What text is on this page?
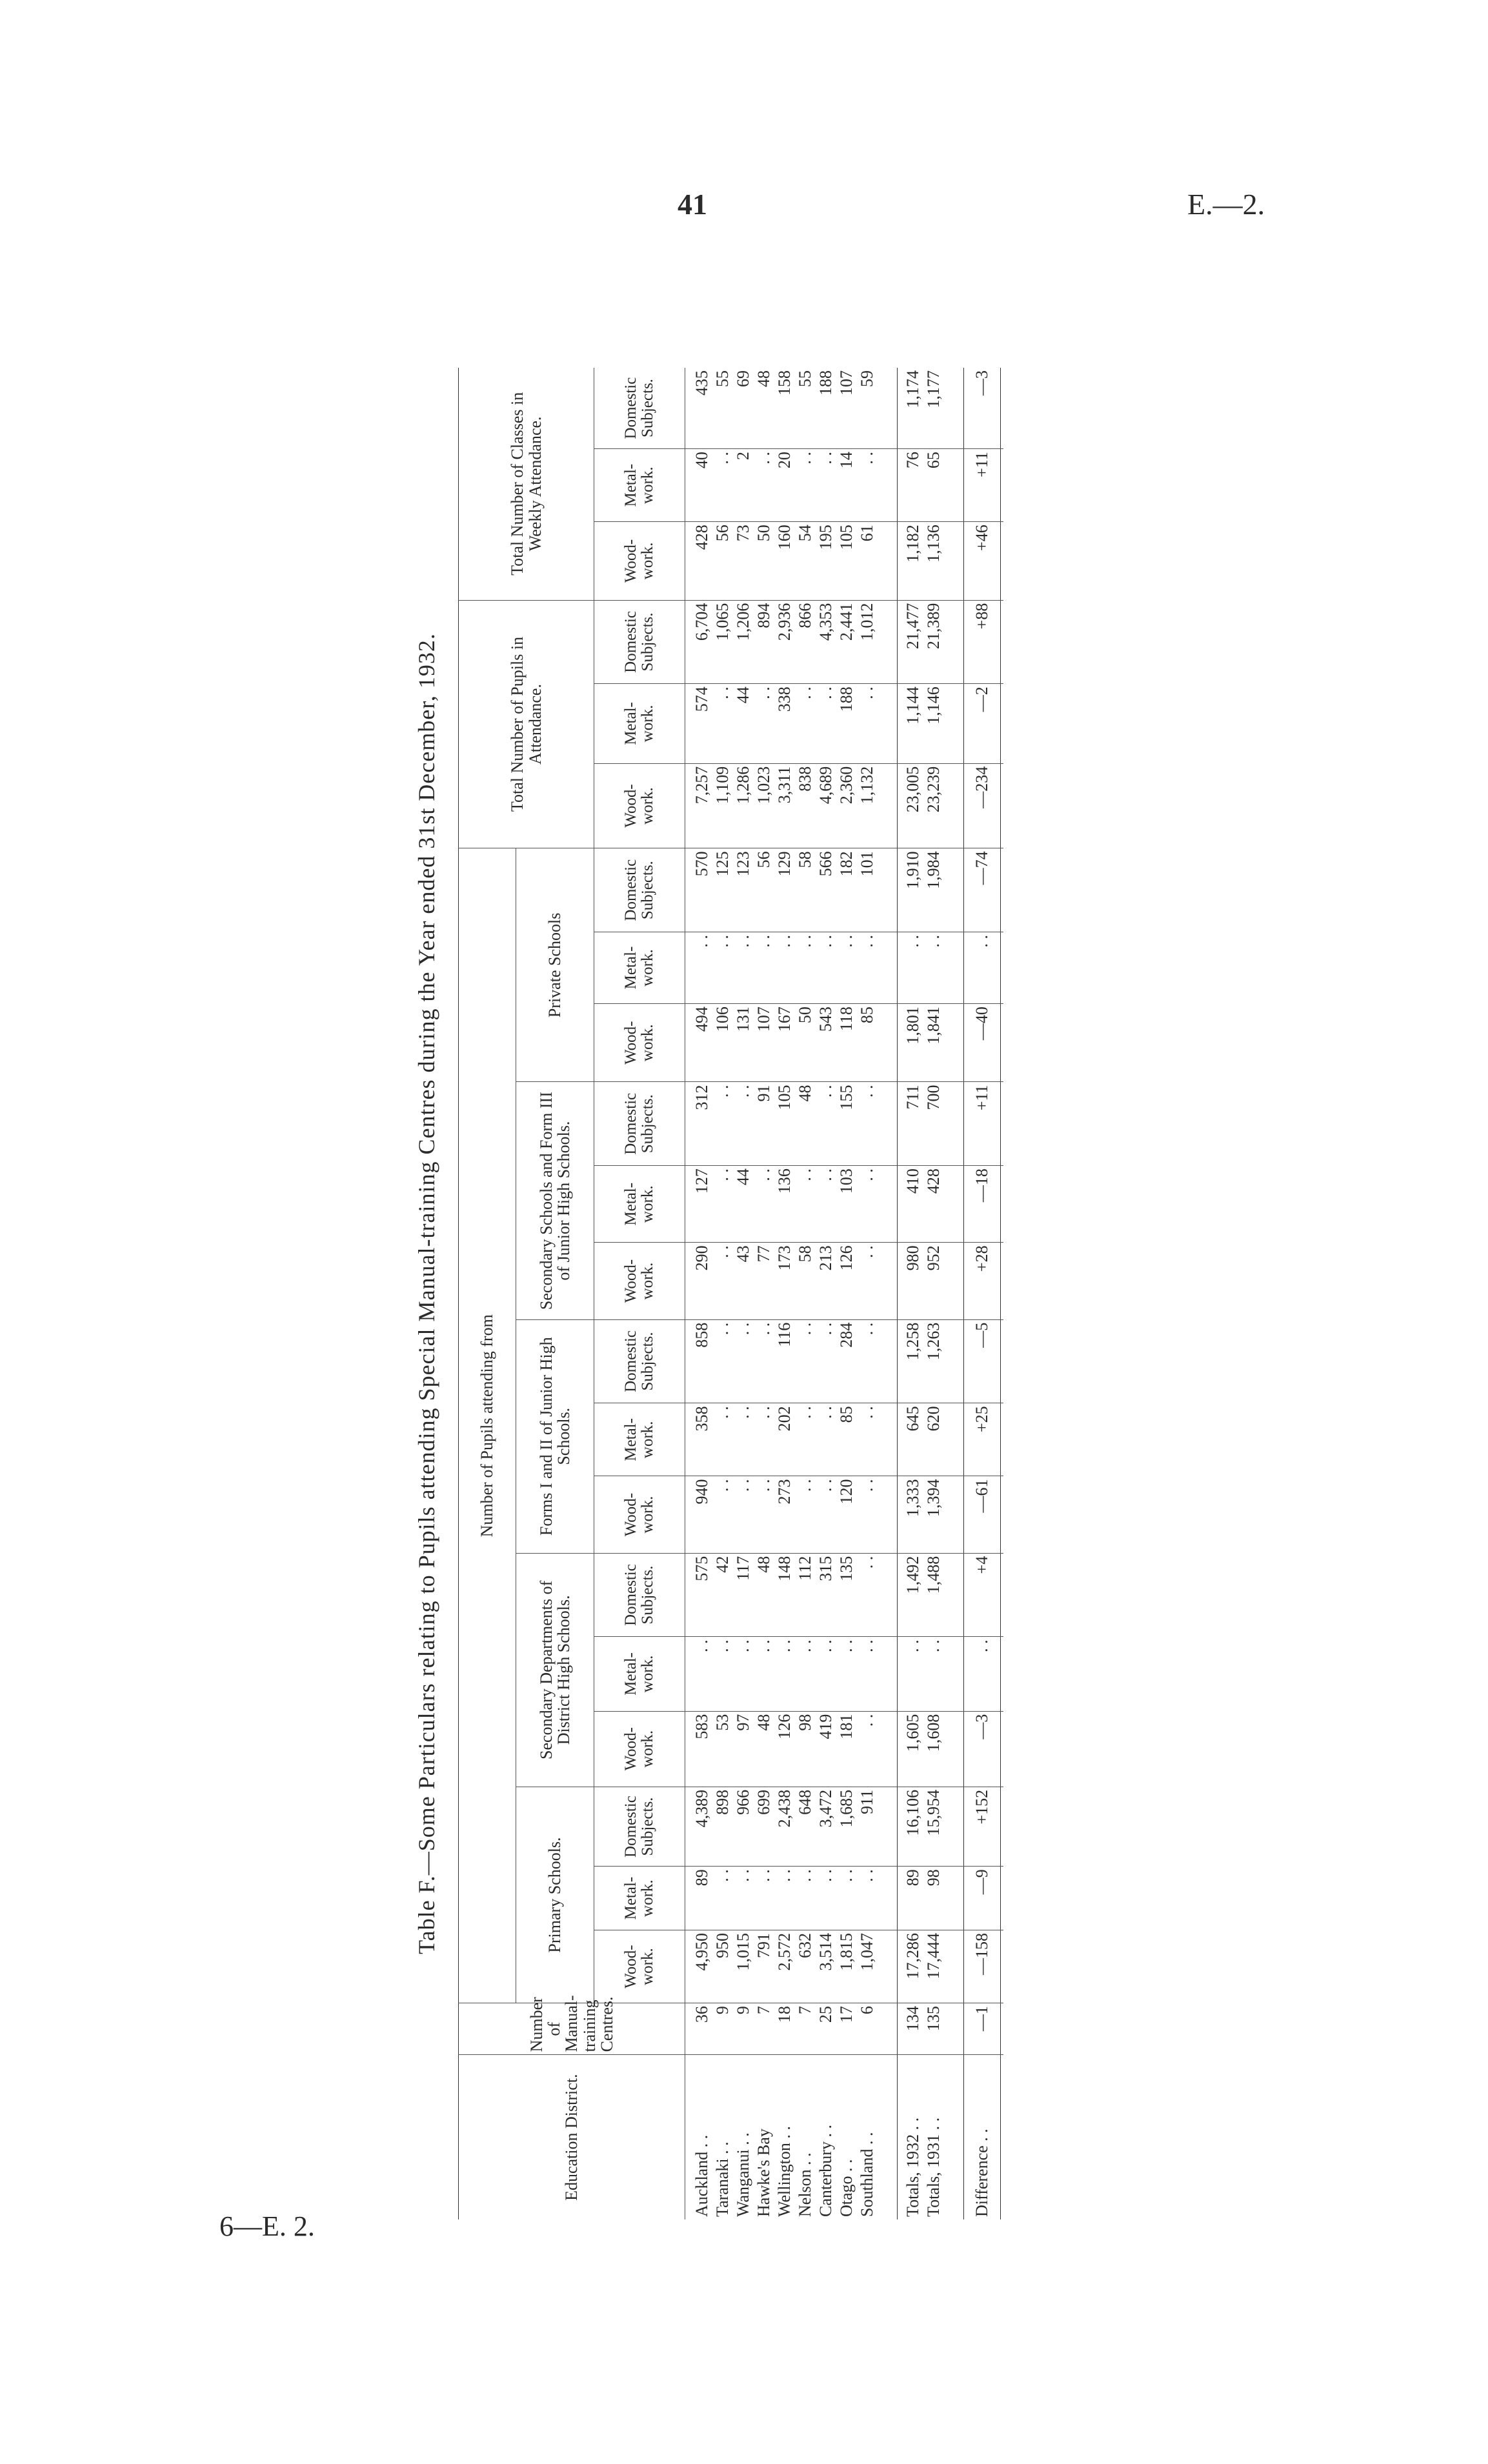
41	E.—2.
6—E. 2.
Table F.—Some Particulars relating to Pupils attending Special Manual-training Centres during the Year ended 31st December, 1932.
Education District.	Number of Manual-training Centres.	Number of Pupils attending from															Total Number of Pupils in Attendance.			Total Number of Classes in Weekly Attendance.		
		Primary Schools.			Secondary Departments of District High Schools.			Forms I and II of Junior High Schools.			Secondary Schools and Form III of Junior High Schools.			Private Schools								
		Wood-work.	Metal-work.	Domestic Subjects.	Wood-work.	Metal-work.	Domestic Subjects.	Wood-work.	Metal-work.	Domestic Subjects.	Wood-work.	Metal-work.	Domestic Subjects.	Wood-work.	Metal-work.	Domestic Subjects.	Wood-work.	Metal-work.	Domestic Subjects.	Wood-work.	Metal-work.	Domestic Subjects.
Auckland . .	36	4,950	89	4,389	583	. .	575	940	358	858	290	127	312	494	. .	570	7,257	574	6,704	428	40	435
Taranaki . .	9	950	. .	898	53	. .	42	. .	. .	. .	. .	. .	. .	106	. .	125	1,109	. .	1,065	56	. .	55
Wanganui . .	9	1,015	. .	966	97	. .	117	. .	. .	. .	43	44	. .	131	. .	123	1,286	44	1,206	73	2	69
Hawke's Bay	7	791	. .	699	48	. .	48	. .	. .	. .	77	. .	91	107	. .	56	1,023	. .	894	50	. .	48
Wellington . .	18	2,572	. .	2,438	126	. .	148	273	202	116	173	136	105	167	. .	129	3,311	338	2,936	160	20	158
Nelson . .	7	632	. .	648	98	. .	112	. .	. .	. .	58	. .	48	50	. .	58	838	. .	866	54	. .	55
Canterbury . .	25	3,514	. .	3,472	419	. .	315	. .	. .	. .	213	. .	. .	543	. .	566	4,689	. .	4,353	195	. .	188
Otago . .	17	1,815	. .	1,685	181	. .	135	120	85	284	126	103	155	118	. .	182	2,360	188	2,441	105	14	107
Southland . .	6	1,047	. .	911	. .	. .	. .	. .	. .	. .	. .	. .	. .	85	. .	101	1,132	. .	1,012	61	. .	59

Totals, 1932 . .	134	17,286	89	16,106	1,605	. .	1,492	1,333	645	1,258	980	410	711	1,801	. .	1,910	23,005	1,144	21,477	1,182	76	1,174
Totals, 1931 . .	135	17,444	98	15,954	1,608	. .	1,488	1,394	620	1,263	952	428	700	1,841	. .	1,984	23,239	1,146	21,389	1,136	65	1,177

Difference . .	—1	—158	—9	+152	—3	. .	+4	—61	+25	—5	+28	—18	+11	—40	. .	—74	—234	—2	+88	+46	+11	—3
